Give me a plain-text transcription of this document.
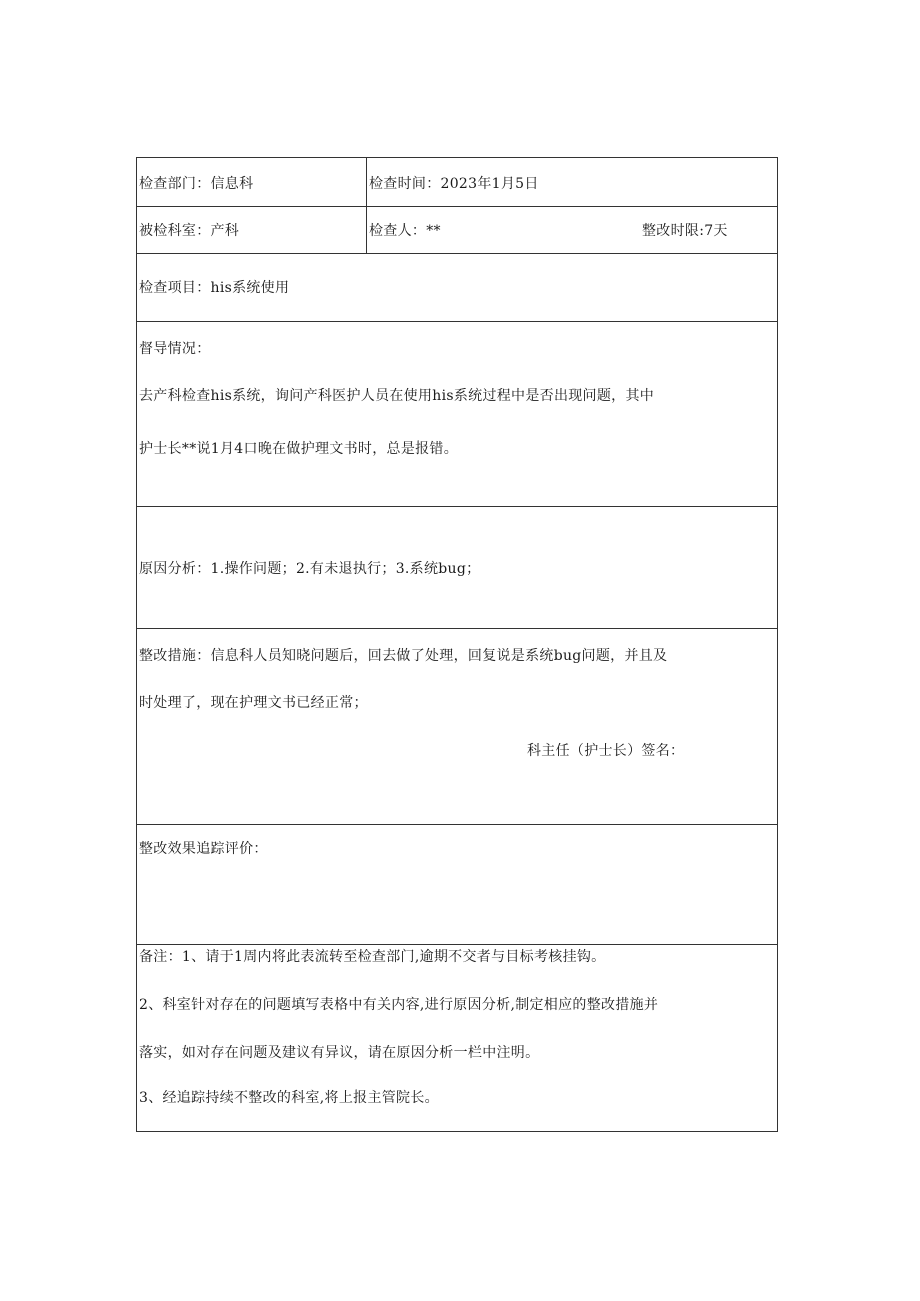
检查部门：信息科	检查时间：2023年1月5日
被检科室：产科	检查人：**	整改时限:7天
检查项目：his系统使用
督导情况：
去产科检查his系统，询问产科医护人员在使用his系统过程中是否出现问题，其中
护士长**说1月4口晚在做护理文书时，总是报错。
原因分析：1.操作问题；2.有未退执行；3.系统bug；
整改措施：信息科人员知晓问题后，回去做了处理，回复说是系统bug问题，并且及
时处理了，现在护理文书已经正常；
科主任（护士长）签名：
整改效果追踪评价：
备注：1、请于1周内将此表流转至检查部门,逾期不交者与目标考核挂钩。
2、科室针对存在的问题填写表格中有关内容,进行原因分析,制定相应的整改措施并
落实，如对存在问题及建议有异议，请在原因分析一栏中注明。
3、经追踪持续不整改的科室,将上报主管院长。
